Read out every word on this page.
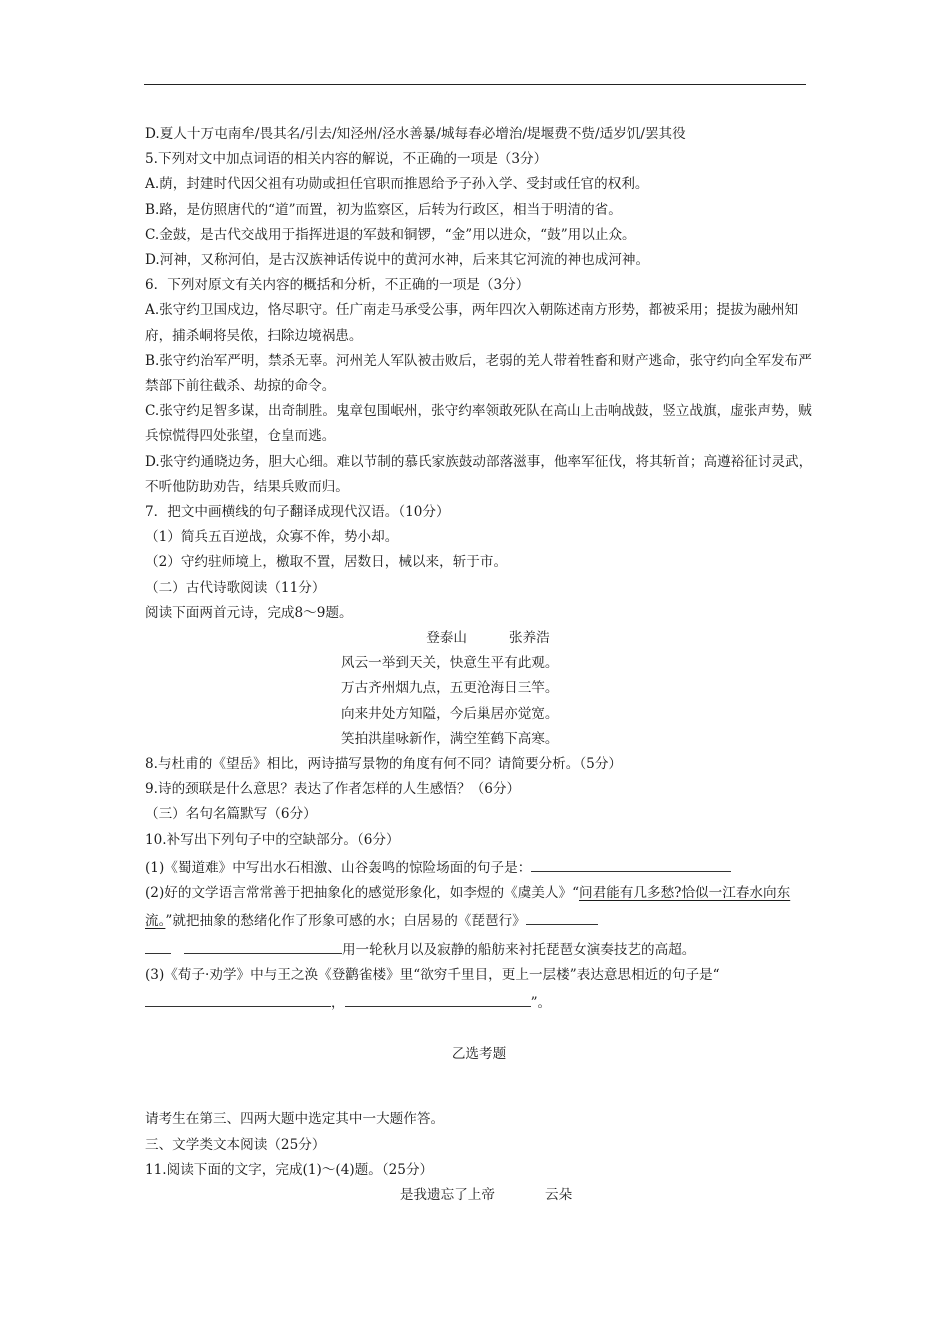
D.夏人十万屯南牟/畏其名/引去/知泾州/泾水善暴/城每春必增治/堤堰费不赀/适岁饥/罢其役

5.下列对文中加点词语的相关内容的解说，不正确的一项是（3分）

A.荫，封建时代因父祖有功勋或担任官职而推恩给予子孙入学、受封或任官的权利。

B.路，是仿照唐代的“道”而置，初为监察区，后转为行政区，相当于明清的省。

C.金鼓，是古代交战用于指挥进退的军鼓和铜锣，“金”用以进众，“鼓”用以止众。

D.河神，又称河伯，是古汉族神话传说中的黄河水神，后来其它河流的神也成河神。

6．下列对原文有关内容的概括和分析，不正确的一项是（3分）

A.张守约卫国戍边，恪尽职守。任广南走马承受公事，两年四次入朝陈述南方形势，都被采用；提拔为融州知府，捕杀峒将吴侬，扫除边境祸患。

B.张守约治军严明，禁杀无辜。河州羌人军队被击败后，老弱的羌人带着牲畜和财产逃命，张守约向全军发布严禁部下前往截杀、劫掠的命令。

C.张守约足智多谋，出奇制胜。鬼章包围岷州，张守约率领敢死队在高山上击响战鼓，竖立战旗，虚张声势，贼兵惊慌得四处张望，仓皇而逃。

D.张守约通晓边务，胆大心细。难以节制的慕氏家族鼓动部落滋事，他率军征伐，将其斩首；高遵裕征讨灵武，不听他防助劝告，结果兵败而归。

7．把文中画横线的句子翻译成现代汉语。（10分）

（1）简兵五百逆战，众寡不侔，势小却。

（2）守约驻师境上，檄取不置，居数日，械以来，斩于市。

（二）古代诗歌阅读（11分）

阅读下面两首元诗，完成8～9题。

登泰山	张养浩

风云一举到天关，快意生平有此观。

万古齐州烟九点，五更沧海日三竿。

向来井处方知隘，今后巢居亦觉宽。

笑拍洪崖咏新作，满空笙鹤下高寒。

8.与杜甫的《望岳》相比，两诗描写景物的角度有何不同？请简要分析。（5分）

9.诗的颈联是什么意思？表达了作者怎样的人生感悟？（6分）

（三）名句名篇默写（6分）

10.补写出下列句子中的空缺部分。（6分）

(1)《蜀道难》中写出水石相激、山谷轰鸣的惊险场面的句子是：

(2)好的文学语言常常善于把抽象化的感觉形象化，如李煜的《虞美人》“问君能有几多愁?恰似一江春水向东流。”就把抽象的愁绪化作了形象可感的水；白居易的《琵琶行》
用一轮秋月以及寂静的船舫来衬托琵琶女演奏技艺的高超。

(3)《荀子·劝学》中与王之涣《登鹳雀楼》里“欲穷千里目，更上一层楼”表达意思相近的句子是“，	”。

乙选考题

请考生在第三、四两大题中选定其中一大题作答。

三、文学类文本阅读（25分）

11.阅读下面的文字，完成(1)～(4)题。（25分）

是我遗忘了上帝	云朵
